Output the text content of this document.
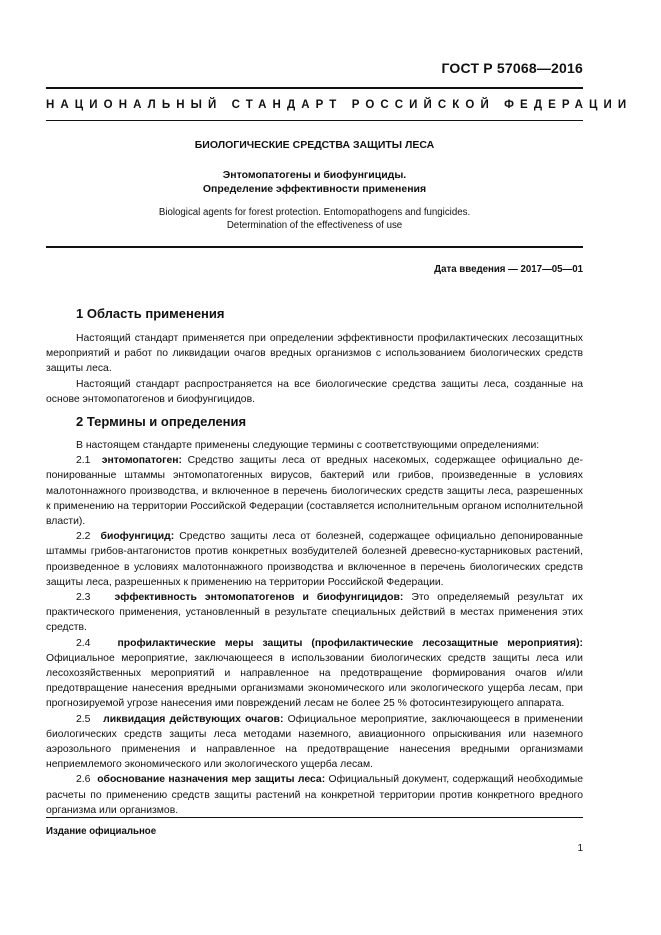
ГОСТ Р 57068—2016
НАЦИОНАЛЬНЫЙ СТАНДАРТ РОССИЙСКОЙ ФЕДЕРАЦИИ
БИОЛОГИЧЕСКИЕ СРЕДСТВА ЗАЩИТЫ ЛЕСА
Энтомопатогены и биофунгициды.
Определение эффективности применения
Biological agents for forest protection. Entomopathogens and fungicides.
Determination of the effectiveness of use
Дата введения — 2017—05—01
1 Область применения

Настоящий стандарт применяется при определении эффективности профилактических лесозащитных мероприятий и работ по ликвидации очагов вредных организмов с использованием биологических средств защиты леса.

Настоящий стандарт распространяется на все биологические средства защиты леса, созданные на основе энтомопатогенов и биофунгицидов.

2 Термины и определения

В настоящем стандарте применены следующие термины с соответствующими определениями:

2.1 энтомопатоген: Средство защиты леса от вредных насекомых, содержащее официально депонированные штаммы энтомопатогенных вирусов, бактерий или грибов, произведенные в условиях малотоннажного производства, и включенное в перечень биологических средств защиты леса, разрешенных к применению на территории Российской Федерации (составляется исполнительным органом исполнительной власти).

2.2 биофунгицид: Средство защиты леса от болезней, содержащее официально депонированные штаммы грибов-антагонистов против конкретных возбудителей болезней древесно-кустарниковых растений, произведенное в условиях малотоннажного производства и включенное в перечень биологических средств защиты леса, разрешенных к применению на территории Российской Федерации.

2.3 эффективность энтомопатогенов и биофунгицидов: Это определяемый результат их практического применения, установленный в результате специальных действий в местах применения этих средств.

2.4	профилактические меры защиты (профилактические лесозащитные мероприятия): Официальное мероприятие, заключающееся в использовании биологических средств защиты леса или лесохозяйственных мероприятий и направленное на предотвращение формирования очагов и/или предотвращение нанесения вредными организмами экономического или экологического ущерба лесам, при прогнозируемой угрозе нанесения ими повреждений лесам не более 25 % фотосинтезирующего аппарата.

2.5 ликвидация действующих очагов: Официальное мероприятие, заключающееся в применении биологических средств защиты леса методами наземного, авиационного опрыскивания или наземного аэрозольного применения и направленное на предотвращение нанесения вредными организмами неприемлемого экономического или экологического ущерба лесам.

2.6 обоснование назначения мер защиты леса: Официальный документ, содержащий необходимые расчеты по применению средств защиты растений на конкретной территории против конкретного вредного организма или организмов.

Издание официальное
1
